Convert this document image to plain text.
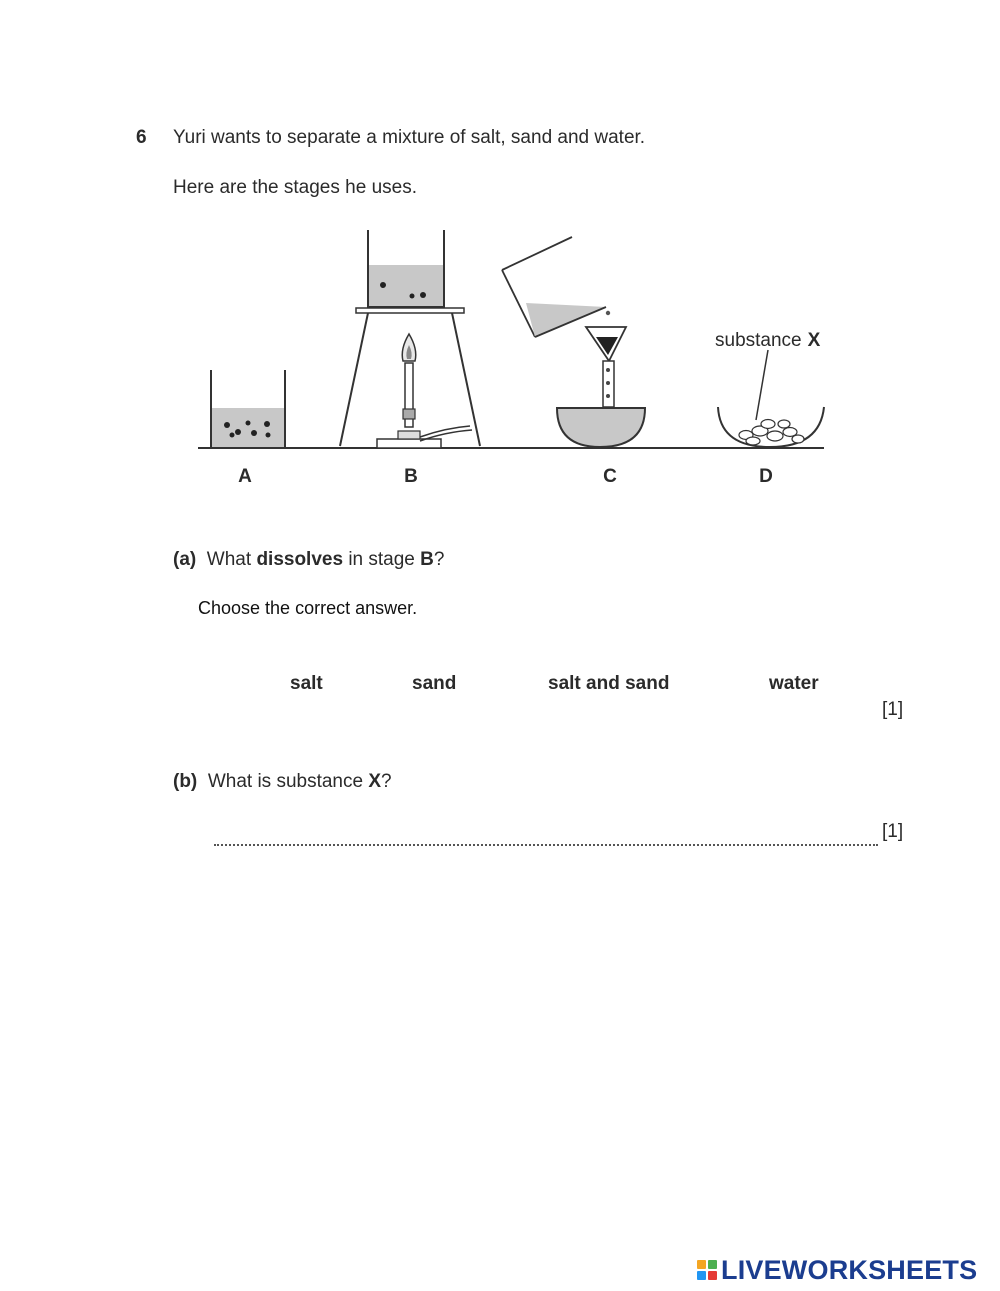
6 Yuri wants to separate a mixture of salt, sand and water.
Here are the stages he uses.
substance X
A	B	C	D
(a) What dissolves in stage B?
Choose the correct answer.
salt	sand	salt and sand	water
[1]
(b) What is substance X?
[1]
LIVEWORKSHEETS
